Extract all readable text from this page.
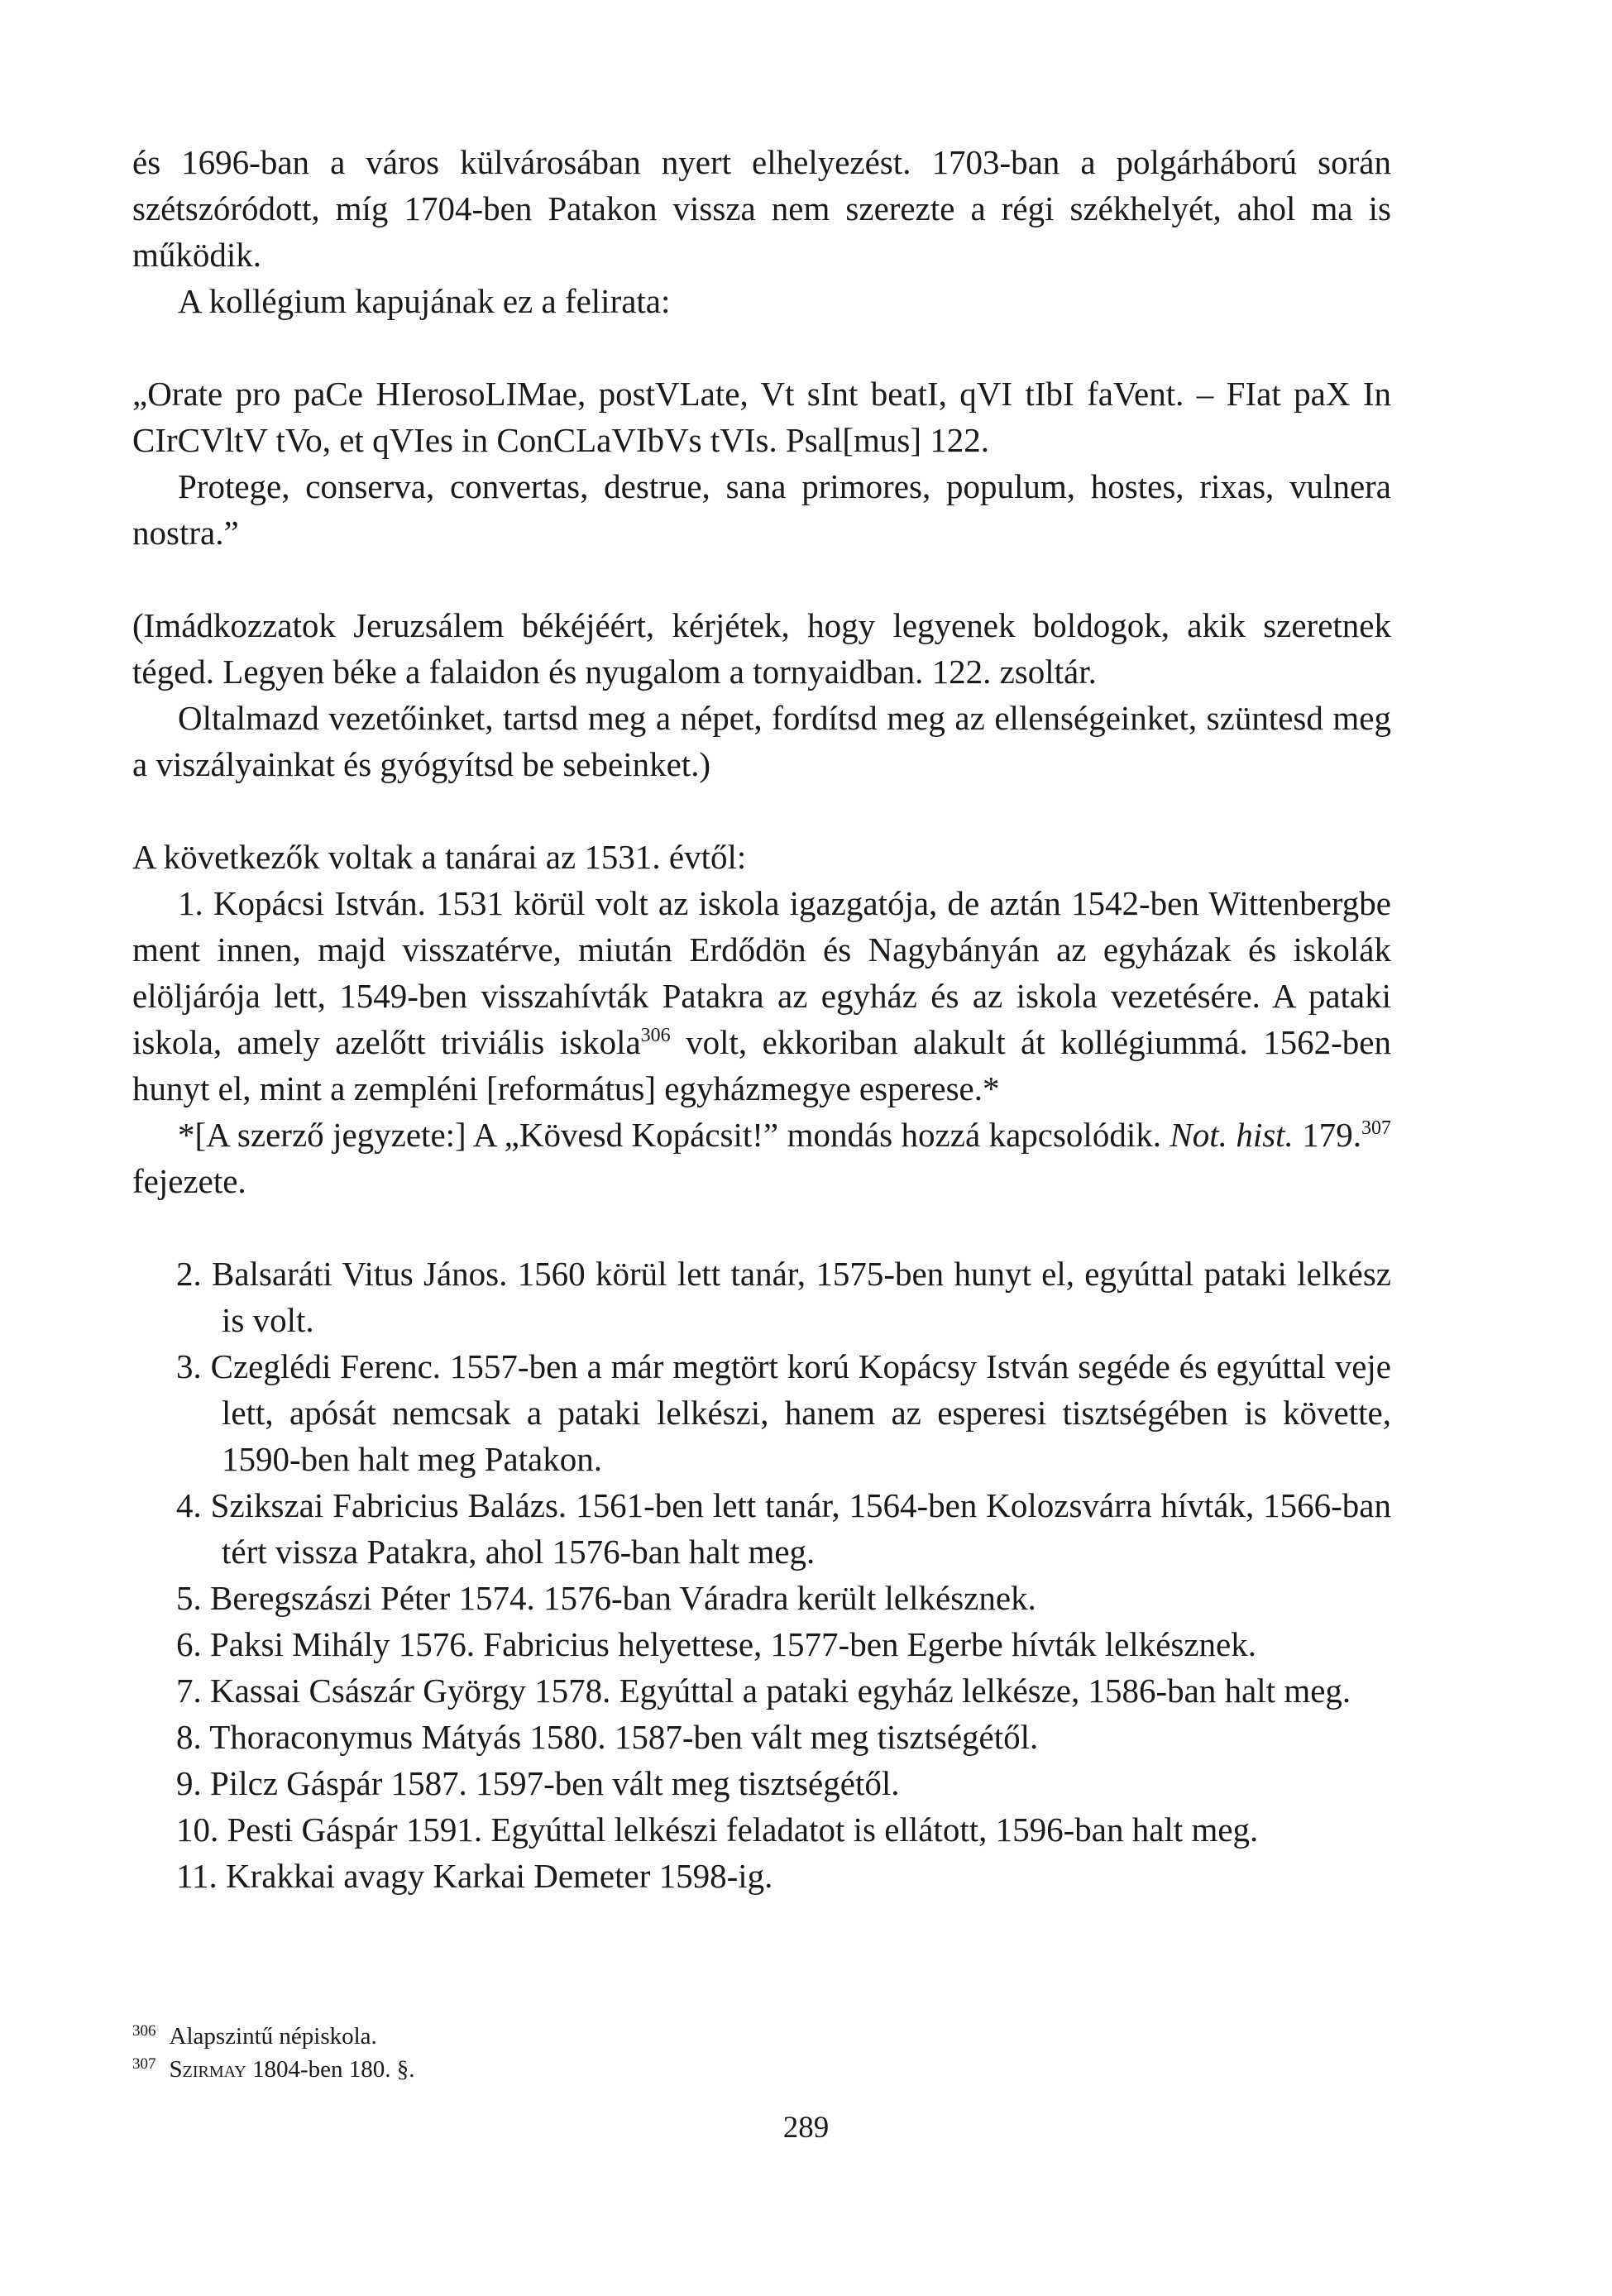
és 1696-ban a város külvárosában nyert elhelyezést. 1703-ban a polgárháború során szétszóródott, míg 1704-ben Patakon vissza nem szerezte a régi székhelyét, ahol ma is működik.

A kollégium kapujának ez a felirata:

„Orate pro paCe HIerosoLIMae, postVLate, Vt sInt beatI, qVI tIbI faVent. – FIat paX In CIrCVltV tVo, et qVIes in ConCLaVIbVs tVIs. Psal[mus] 122.

Protege, conserva, convertas, destrue, sana primores, populum, hostes, rixas, vulnera nostra.”

(Imádkozzatok Jeruzsálem békéjéért, kérjétek, hogy legyenek boldogok, akik szeretnek téged. Legyen béke a falaidon és nyugalom a tornyaidban. 122. zsoltár.

Oltalmazd vezetőinket, tartsd meg a népet, fordítsd meg az ellenségeinket, szüntesd meg a viszályainkat és gyógyítsd be sebeinket.)

A következők voltak a tanárai az 1531. évtől:

1. Kopácsi István. 1531 körül volt az iskola igazgatója, de aztán 1542-ben Wittenbergbe ment innen, majd visszatérve, miután Erdődön és Nagybányán az egyházak és iskolák elöljárója lett, 1549-ben visszahívták Patakra az egyház és az iskola vezetésére. A pataki iskola, amely azelőtt triviális iskola$^{306}$ volt, ekkoriban alakult át kollégiummá. 1562-ben hunyt el, mint a zempléni [református] egyházmegye esperese.*

*[A szerző jegyzete:] A „Kövesd Kopácsit!” mondás hozzá kapcsolódik. Not. hist. 179.$^{307}$ fejezete.

2. Balsaráti Vitus János. 1560 körül lett tanár, 1575-ben hunyt el, egyúttal pataki lelkész is volt.
3. Czeglédi Ferenc. 1557-ben a már megtört korú Kopácsy István segéde és egyúttal veje lett, apósát nemcsak a pataki lelkészi, hanem az esperesi tisztségében is követte, 1590-ben halt meg Patakon.
4. Szikszai Fabricius Balázs. 1561-ben lett tanár, 1564-ben Kolozsvárra hívták, 1566-ban tért vissza Patakra, ahol 1576-ban halt meg.
5. Beregszászi Péter 1574. 1576-ban Váradra került lelkésznek.
6. Paksi Mihály 1576. Fabricius helyettese, 1577-ben Egerbe hívták lelkésznek.
7. Kassai Császár György 1578. Egyúttal a pataki egyház lelkésze, 1586-ban halt meg.
8. Thoraconymus Mátyás 1580. 1587-ben vált meg tisztségétől.
9. Pilcz Gáspár 1587. 1597-ben vált meg tisztségétől.
10. Pesti Gáspár 1591. Egyúttal lelkészi feladatot is ellátott, 1596-ban halt meg.
11. Krakkai avagy Karkai Demeter 1598-ig.

$^{306}$ Alapszintű népiskola.

$^{307}$ Szirmay 1804-ben 180. §.

289
